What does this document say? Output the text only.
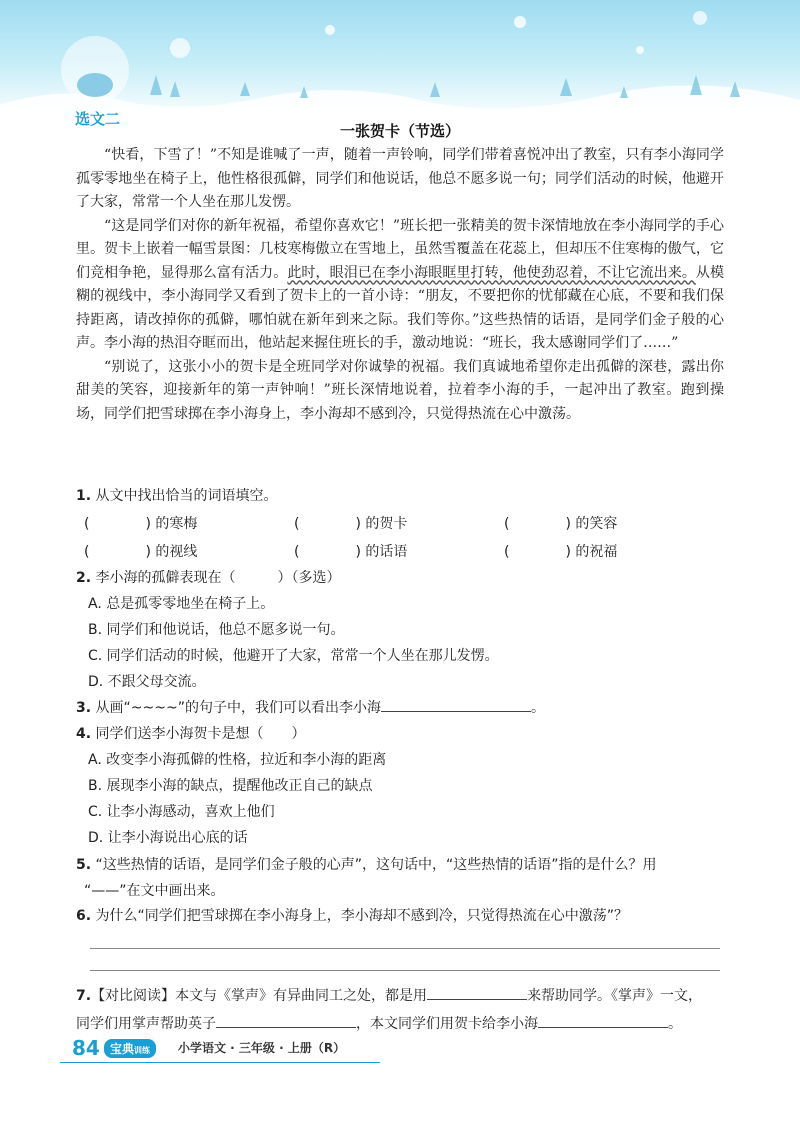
选文二
一张贺卡（节选）

“快看，下雪了！”不知是谁喊了一声，随着一声铃响，同学们带着喜悦冲出了教室，只有李小海同学孤零零地坐在椅子上，他性格很孤僻，同学们和他说话，他总不愿多说一句；同学们活动的时候，他避开了大家，常常一个人坐在那儿发愣。

“这是同学们对你的新年祝福，希望你喜欢它！”班长把一张精美的贺卡深情地放在李小海同学的手心里。贺卡上嵌着一幅雪景图：几枝寒梅傲立在雪地上，虽然雪覆盖在花蕊上，但却压不住寒梅的傲气，它们竞相争艳，显得那么富有活力。此时，眼泪已在李小海眼眶里打转，他使劲忍着，不让它流出来。从模糊的视线中，李小海同学又看到了贺卡上的一首小诗：“朋友，不要把你的忧郁藏在心底，不要和我们保持距离，请改掉你的孤僻，哪怕就在新年到来之际。我们等你。”这些热情的话语，是同学们金子般的心声。李小海的热泪夺眶而出，他站起来握住班长的手，激动地说：“班长，我太感谢同学们了……”

“别说了，这张小小的贺卡是全班同学对你诚挚的祝福。我们真诚地希望你走出孤僻的深巷，露出你甜美的笑容，迎接新年的第一声钟响！”班长深情地说着，拉着李小海的手，一起冲出了教室。跑到操场，同学们把雪球掷在李小海身上，李小海却不感到冷，只觉得热流在心中激荡。

1. 从文中找出恰当的词语填空。
(　　　　) 的寒梅	(　　　　) 的贺卡	(　　　　) 的笑容
(　　　　) 的视线	(　　　　) 的话语	(　　　　) 的祝福
2. 李小海的孤僻表现在（　　　）（多选）
A. 总是孤零零地坐在椅子上。
B. 同学们和他说话，他总不愿多说一句。
C. 同学们活动的时候，他避开了大家，常常一个人坐在那儿发愣。
D. 不跟父母交流。
3. 从画“~~~~”的句子中，我们可以看出李小海	。
4. 同学们送李小海贺卡是想（　　）
A. 改变李小海孤僻的性格，拉近和李小海的距离
B. 展现李小海的缺点，提醒他改正自己的缺点
C. 让李小海感动，喜欢上他们
D. 让李小海说出心底的话
5. “这些热情的话语，是同学们金子般的心声”，这句话中，“这些热情的话语”指的是什么？用
“——”在文中画出来。
6. 为什么“同学们把雪球掷在李小海身上，李小海却不感到冷，只觉得热流在心中激荡”？
7.【对比阅读】本文与《掌声》有异曲同工之处，都是用	来帮助同学。《掌声》一文，
同学们用掌声帮助英子	，本文同学们用贺卡给李小海	。
84 宝典训练	小学语文 · 三年级 · 上册（R）
